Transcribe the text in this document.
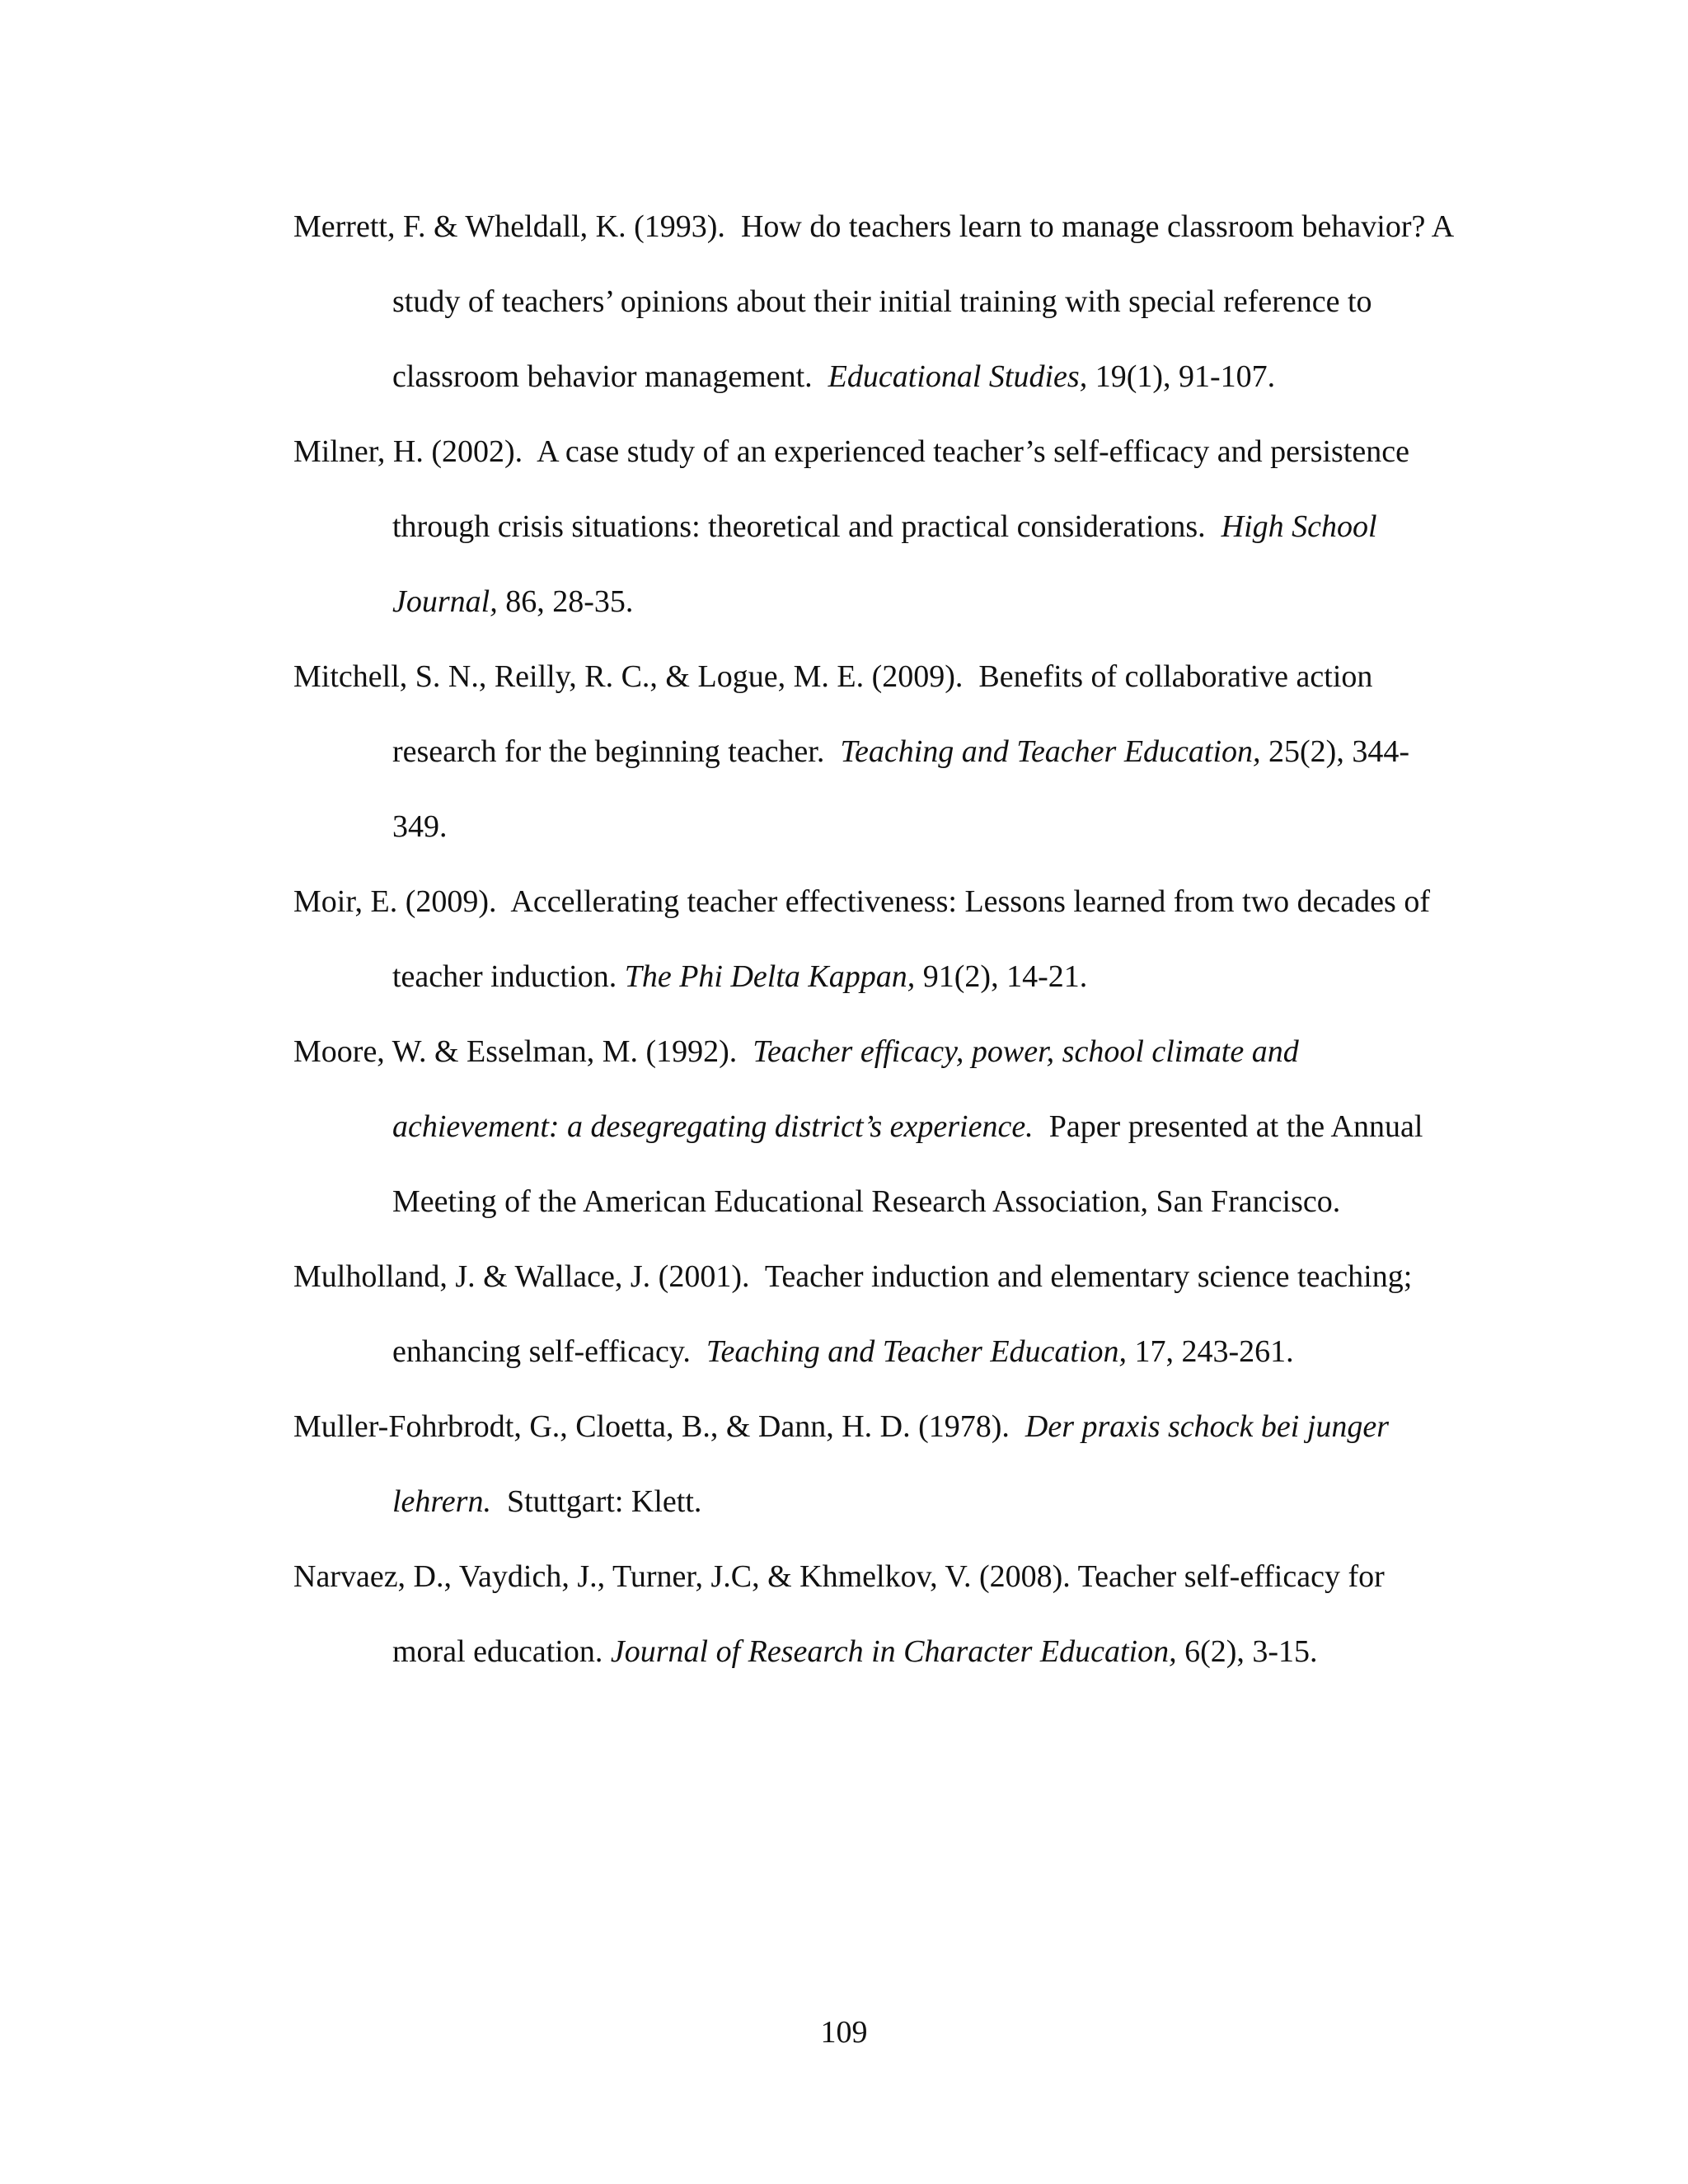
Merrett, F. & Wheldall, K. (1993). How do teachers learn to manage classroom behavior? A study of teachers’ opinions about their initial training with special reference to classroom behavior management. Educational Studies, 19(1), 91-107.
Milner, H. (2002). A case study of an experienced teacher’s self-efficacy and persistence through crisis situations: theoretical and practical considerations. High School Journal, 86, 28-35.
Mitchell, S. N., Reilly, R. C., & Logue, M. E. (2009). Benefits of collaborative action research for the beginning teacher. Teaching and Teacher Education, 25(2), 344-349.
Moir, E. (2009). Accellerating teacher effectiveness: Lessons learned from two decades of teacher induction. The Phi Delta Kappan, 91(2), 14-21.
Moore, W. & Esselman, M. (1992). Teacher efficacy, power, school climate and achievement: a desegregating district’s experience. Paper presented at the Annual Meeting of the American Educational Research Association, San Francisco.
Mulholland, J. & Wallace, J. (2001). Teacher induction and elementary science teaching; enhancing self-efficacy. Teaching and Teacher Education, 17, 243-261.
Muller-Fohrbrodt, G., Cloetta, B., & Dann, H. D. (1978). Der praxis schock bei junger lehrern. Stuttgart: Klett.
Narvaez, D., Vaydich, J., Turner, J.C, & Khmelkov, V. (2008). Teacher self-efficacy for moral education. Journal of Research in Character Education, 6(2), 3-15.
109
